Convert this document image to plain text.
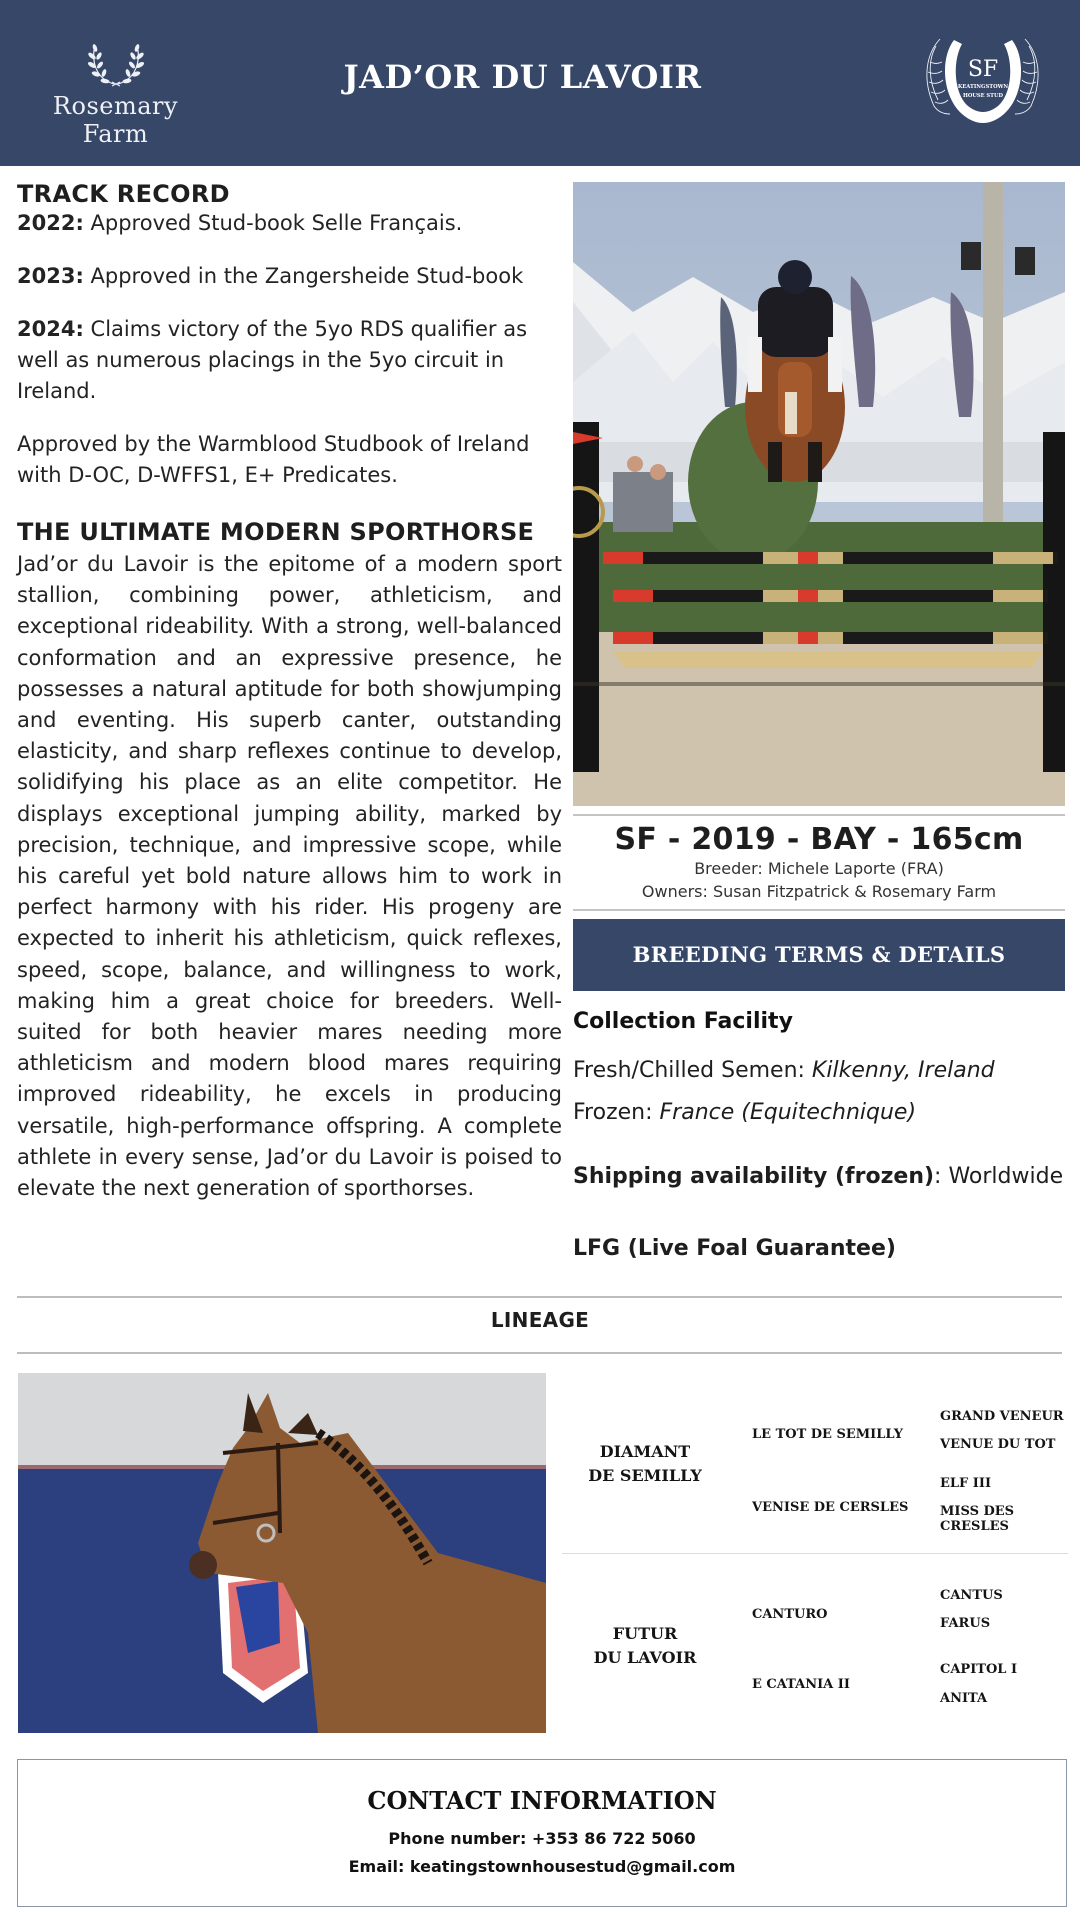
Rosemary Farm
JAD’OR DU LAVOIR	SF
KEATINGSTOWN
HOUSE STUD
TRACK RECORD

2022: Approved Stud-book Selle Français.

2023: Approved in the Zangersheide Stud-book

2024: Claims victory of the 5yo RDS qualifier as well as numerous placings in the 5yo circuit in Ireland.

Approved by the Warmblood Studbook of Ireland with D-OC, D-WFFS1, E+ Predicates.

THE ULTIMATE MODERN SPORTHORSE
Jad’or du Lavoir is the epitome of a modern sport stallion, combining power, athleticism, and exceptional rideability. With a strong, well-balanced conformation and an expressive presence, he possesses a natural aptitude for both showjumping and eventing. His superb canter, outstanding elasticity, and sharp reflexes continue to develop, solidifying his place as an elite competitor. He displays exceptional jumping ability, marked by precision, technique, and impressive scope, while his careful yet bold nature allows him to work in perfect harmony with his rider. His progeny are expected to inherit his athleticism, quick reflexes, speed, scope, balance, and willingness to work, making him a great choice for breeders. Well-suited for both heavier mares needing more athleticism and modern blood mares requiring improved rideability, he excels in producing versatile, high-performance offspring. A complete athlete in every sense, Jad’or du Lavoir is poised to elevate the next generation of sporthorses.
SF - 2019 - BAY - 165cm
Breeder: Michele Laporte (FRA)
Owners: Susan Fitzpatrick & Rosemary Farm
BREEDING TERMS & DETAILS
Collection Facility
Fresh/Chilled Semen: Kilkenny, Ireland
Frozen: France (Equitechnique)
Shipping availability (frozen): Worldwide
LFG (Live Foal Guarantee)
LINEAGE
DIAMANT
DE SEMILLY
LE TOT DE SEMILLY
VENISE DE CERSLES
GRAND VENEUR
VENUE DU TOT
ELF III
MISS DES CRESLES
FUTUR
DU LAVOIR
CANTURO
E CATANIA II
CANTUS
FARUS
CAPITOL I
ANITA
CONTACT INFORMATION
Phone number: +353 86 722 5060
Email: keatingstownhousestud@gmail.com
